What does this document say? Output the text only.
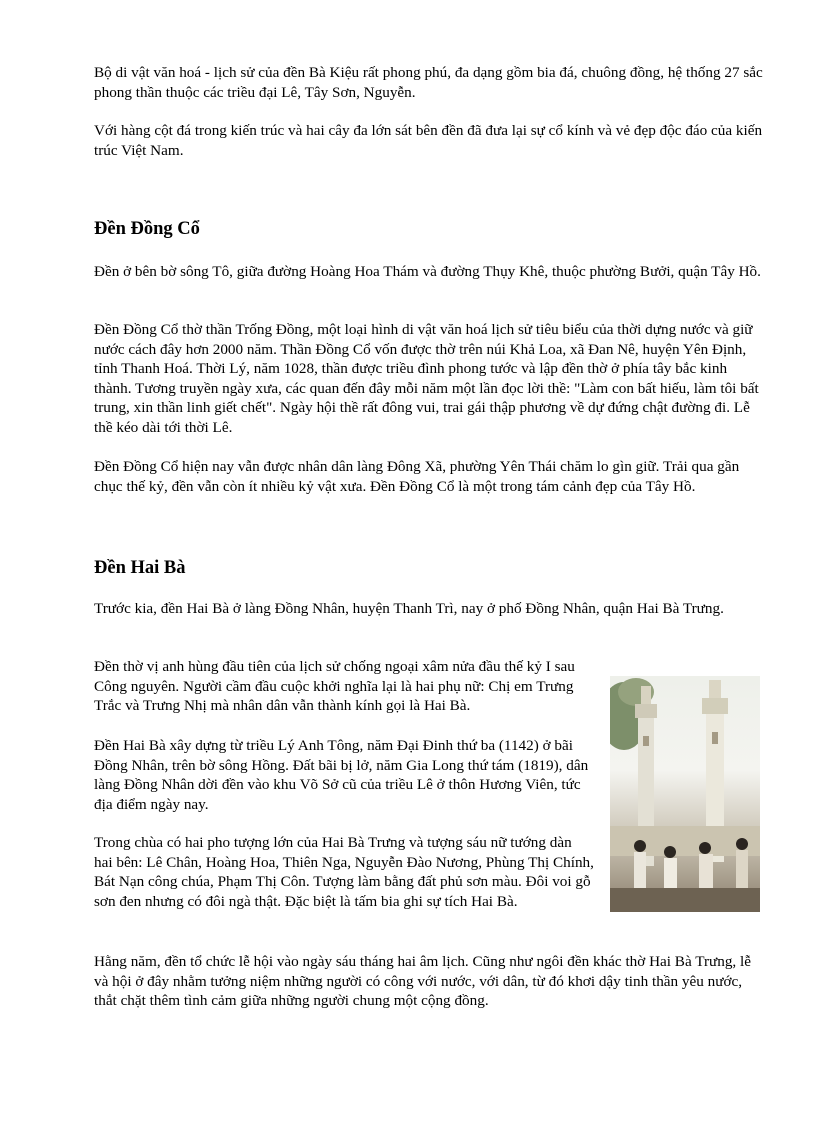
Bộ di vật văn hoá - lịch sử của đền Bà Kiệu rất phong phú, đa dạng gồm bia đá, chuông đồng, hệ thống 27 sắc phong thần thuộc các triều đại Lê, Tây Sơn, Nguyễn.

Với hàng cột đá trong kiến trúc và hai cây đa lớn sát bên đền đã đưa lại sự cổ kính và vẻ đẹp độc đáo của kiến trúc Việt Nam.

Đền Đồng Cổ

Đền ở bên bờ sông Tô, giữa đường Hoàng Hoa Thám và đường Thụy Khê, thuộc phường Bưởi, quận Tây Hồ.

Đền Đồng Cổ thờ thần Trống Đồng, một loại hình di vật văn hoá lịch sử tiêu biểu của thời dựng nước và giữ nước cách đây hơn 2000 năm. Thần Đồng Cổ vốn được thờ trên núi Khả Loa, xã Đan Nê, huyện Yên Định, tỉnh Thanh Hoá. Thời Lý, năm 1028, thần được triều đình phong tước và lập đền thờ ở phía tây bắc kinh thành. Tương truyền ngày xưa, các quan đến đây mỗi năm một lần đọc lời thề: "Làm con bất hiếu, làm tôi bất trung, xin thần linh giết chết". Ngày hội thề rất đông vui, trai gái thập phương về dự đứng chật đường đi. Lễ thề kéo dài tới thời Lê.

Đền Đồng Cổ hiện nay vẫn được nhân dân làng Đông Xã, phường Yên Thái chăm lo gìn giữ. Trải qua gần chục thế kỷ, đền vẫn còn ít nhiều kỷ vật xưa. Đền Đồng Cổ là một trong tám cảnh đẹp của Tây Hồ.

Đền Hai Bà

Trước kia, đền Hai Bà ở làng Đồng Nhân, huyện Thanh Trì, nay ở phố Đồng Nhân, quận Hai Bà Trưng.

Đền thờ vị anh hùng đầu tiên của lịch sử chống ngoại xâm nửa đầu thế kỷ I sau Công nguyên. Người cầm đầu cuộc khởi nghĩa lại là hai phụ nữ: Chị em Trưng Trắc và Trưng Nhị mà nhân dân vẫn thành kính gọi là Hai Bà.

Đền Hai Bà xây dựng từ triều Lý Anh Tông, năm Đại Đinh thứ ba (1142) ở bãi Đồng Nhân, trên bờ sông Hồng. Đất bãi bị lở, năm Gia Long thứ tám (1819), dân làng Đồng Nhân dời đền vào khu Võ Sở cũ của triều Lê ở thôn Hương Viên, tức địa điểm ngày nay.

Trong chùa có hai pho tượng lớn của Hai Bà Trưng và tượng sáu nữ tướng dàn hai bên: Lê Chân, Hoàng Hoa, Thiên Nga, Nguyễn Đào Nương, Phùng Thị Chính, Bát Nạn công chúa, Phạm Thị Côn. Tượng làm bằng đất phủ sơn màu. Đôi voi gỗ sơn đen nhưng có đôi ngà thật. Đặc biệt là tấm bia ghi sự tích Hai Bà.

Hằng năm, đền tổ chức lễ hội vào ngày sáu tháng hai âm lịch. Cũng như ngôi đền khác thờ Hai Bà Trưng, lễ và hội ở đây nhằm tưởng niệm những người có công với nước, với dân, từ đó khơi dậy tinh thần yêu nước, thắt chặt thêm tình cảm giữa những người chung một cộng đồng.
